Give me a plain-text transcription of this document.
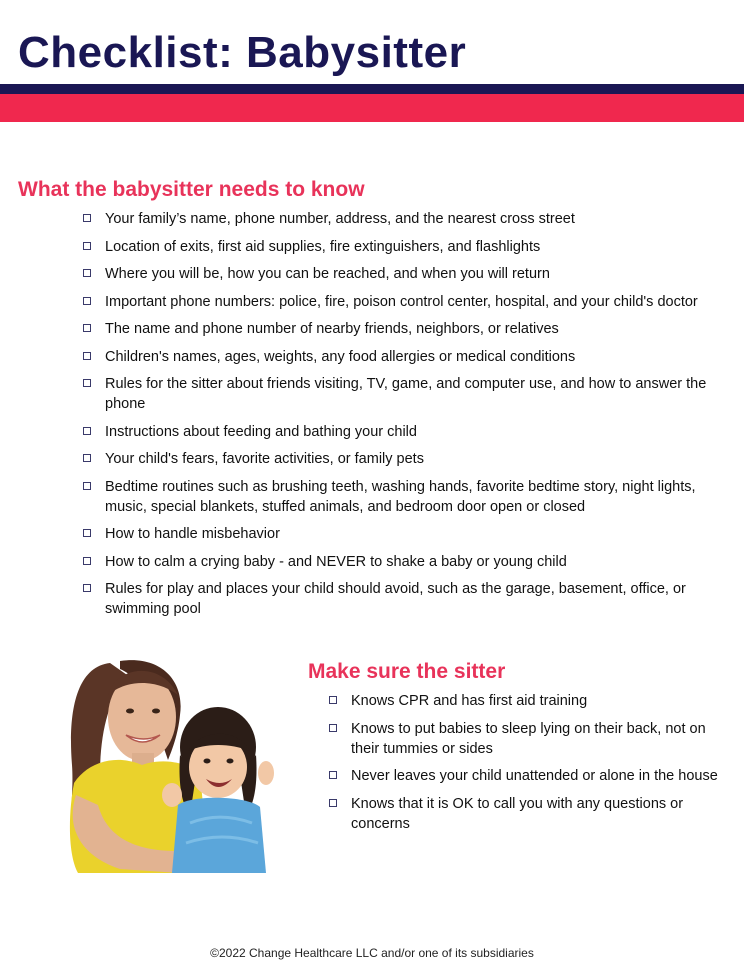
Checklist: Babysitter
What the babysitter needs to know
Your family’s name, phone number, address, and the nearest cross street
Location of exits, first aid supplies, fire extinguishers, and flashlights
Where you will be, how you can be reached, and when you will return
Important phone numbers: police, fire, poison control center, hospital, and your child's doctor
The name and phone number of nearby friends, neighbors, or relatives
Children's names, ages, weights, any food allergies or medical conditions
Rules for the sitter about friends visiting, TV, game, and computer use, and how to answer the phone
Instructions about feeding and bathing your child
Your child's fears, favorite activities, or family pets
Bedtime routines such as brushing teeth, washing hands, favorite bedtime story, night lights, music, special blankets, stuffed animals, and bedroom door open or closed
How to handle misbehavior
How to calm a crying baby - and NEVER to shake a baby or young child
Rules for play and places your child should avoid, such as the garage, basement, office, or swimming pool
Make sure the sitter
Knows CPR and has first aid training
Knows to put babies to sleep lying on their back, not on their tummies or sides
Never leaves your child unattended or alone in the house
Knows that it is OK to call you with any questions or concerns
©2022 Change Healthcare LLC and/or one of its subsidiaries
